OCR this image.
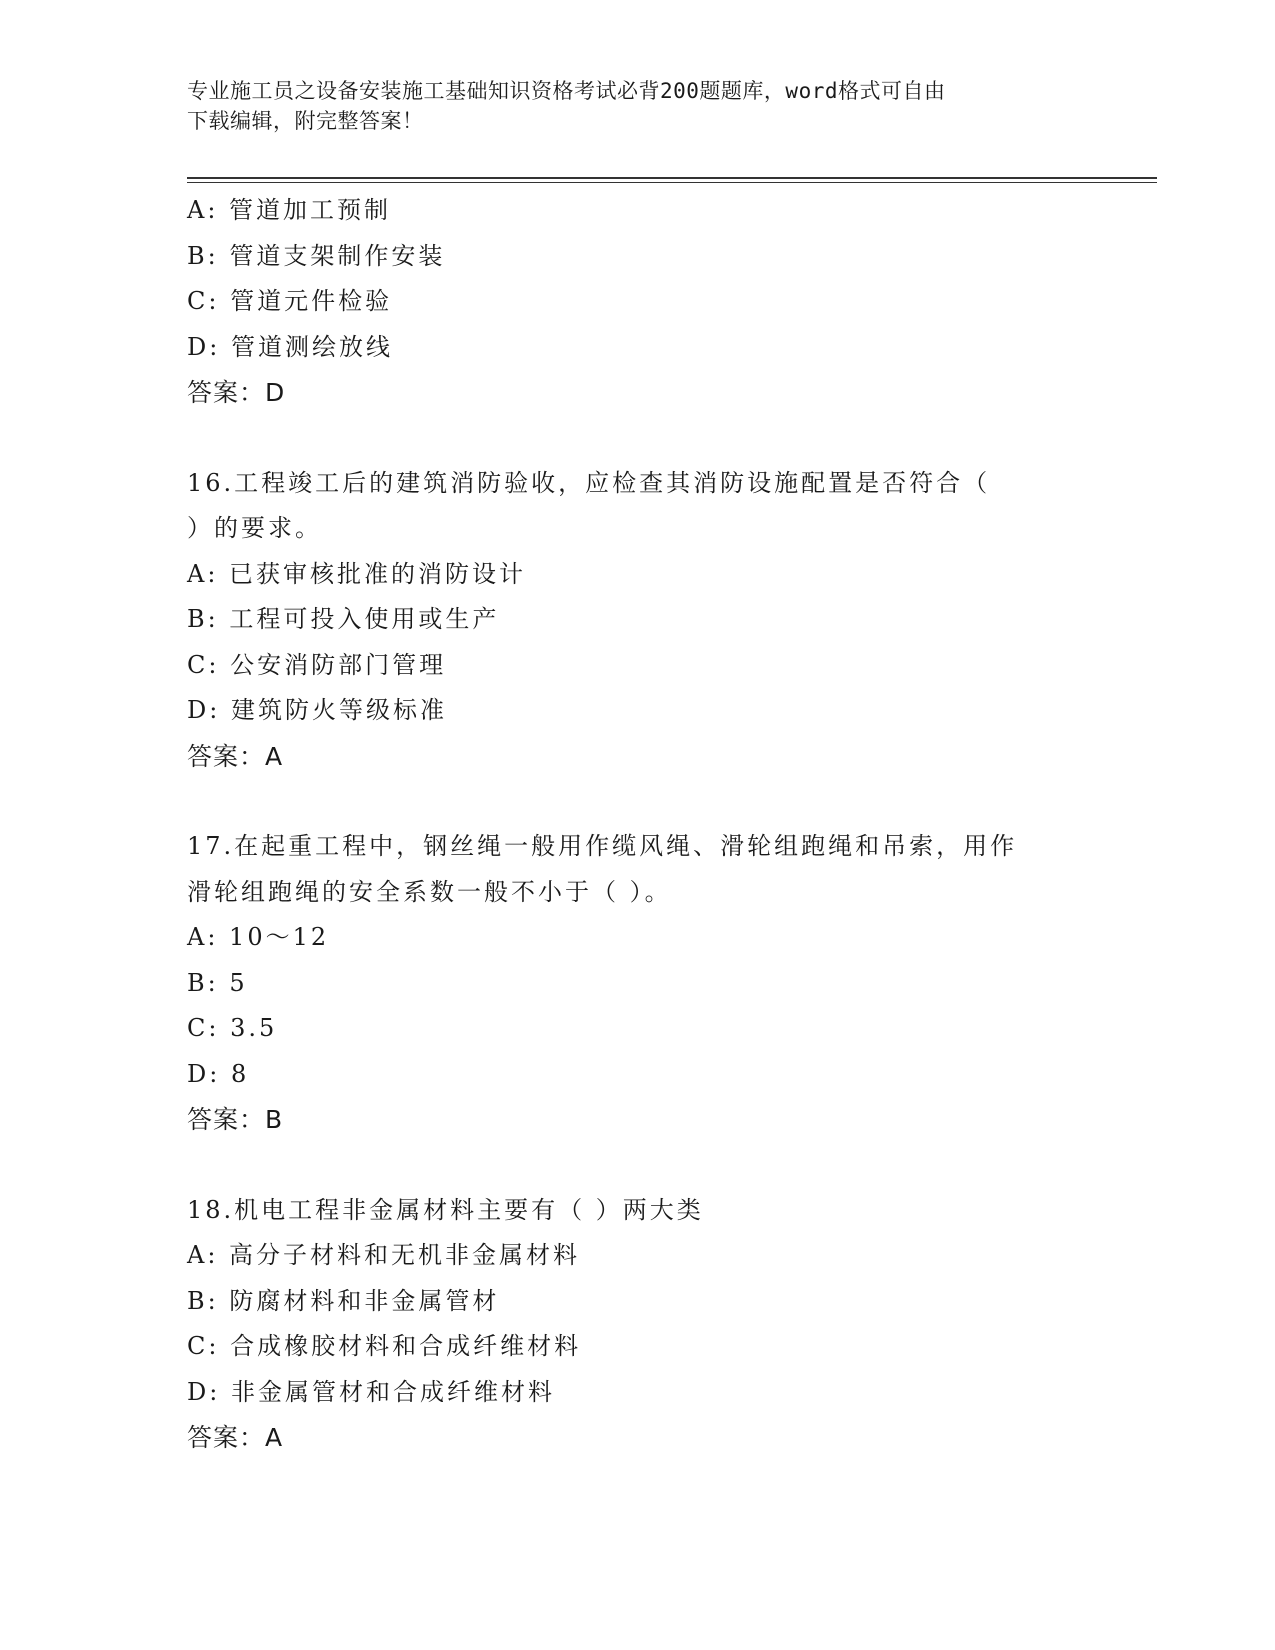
专业施工员之设备安装施工基础知识资格考试必背200题题库，word格式可自由
下载编辑，附完整答案！
A: 管道加工预制
B: 管道支架制作安装
C: 管道元件检验
D: 管道测绘放线
答案：D
16.工程竣工后的建筑消防验收，应检查其消防设施配置是否符合（
）的要求。
A: 已获审核批准的消防设计
B: 工程可投入使用或生产
C: 公安消防部门管理
D: 建筑防火等级标准
答案：A
17.在起重工程中，钢丝绳一般用作缆风绳、滑轮组跑绳和吊索，用作
滑轮组跑绳的安全系数一般不小于（ ）。
A: 10～12
B: 5
C: 3.5
D: 8
答案：B
18.机电工程非金属材料主要有（ ）两大类
A: 高分子材料和无机非金属材料
B: 防腐材料和非金属管材
C: 合成橡胶材料和合成纤维材料
D: 非金属管材和合成纤维材料
答案：A
